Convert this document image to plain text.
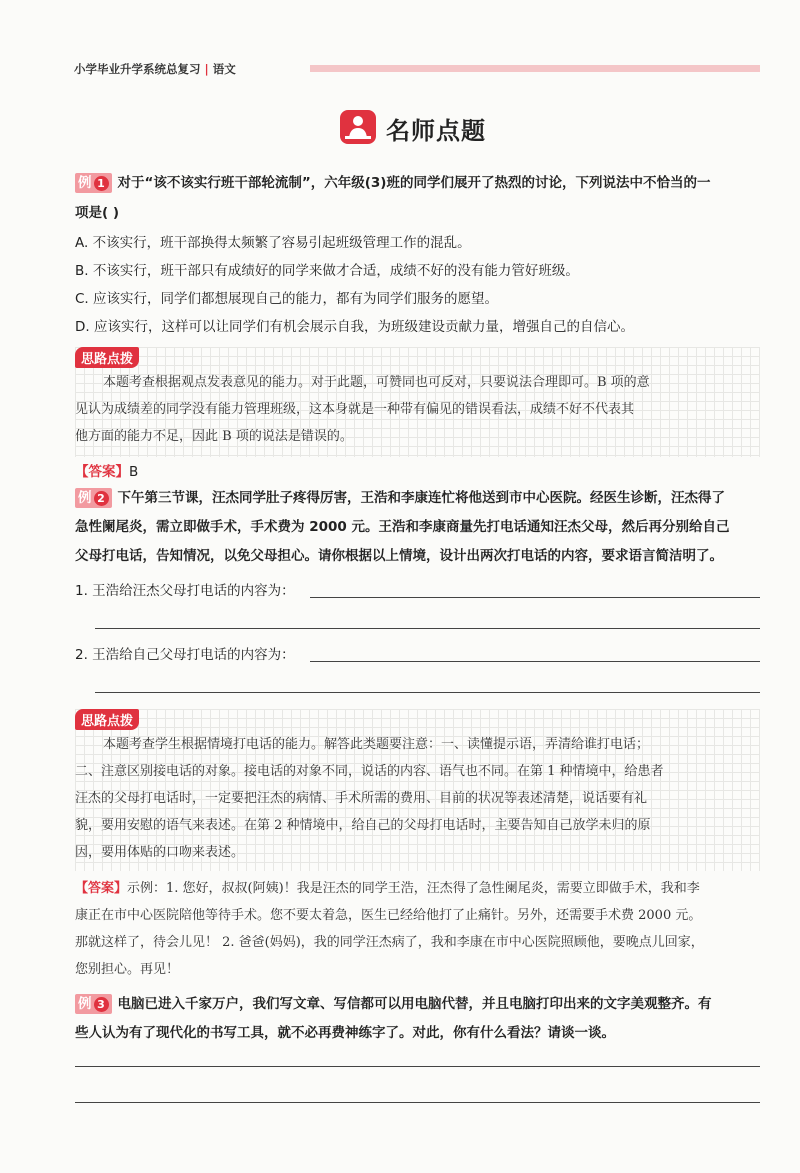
小学毕业升学系统总复习 | 语文
名师点题
例 1 对于“该不该实行班干部轮流制”，六年级(3)班的同学们展开了热烈的讨论，下列说法中不恰当的一
项是( )
A. 不该实行，班干部换得太频繁了容易引起班级管理工作的混乱。
B. 不该实行，班干部只有成绩好的同学来做才合适，成绩不好的没有能力管好班级。
C. 应该实行，同学们都想展现自己的能力，都有为同学们服务的愿望。
D. 应该实行，这样可以让同学们有机会展示自我，为班级建设贡献力量，增强自己的自信心。
思路点拨
本题考查根据观点发表意见的能力。对于此题，可赞同也可反对，只要说法合理即可。B 项的意
见认为成绩差的同学没有能力管理班级，这本身就是一种带有偏见的错误看法，成绩不好不代表其
他方面的能力不足，因此 B 项的说法是错误的。
【答案】B
例 2 下午第三节课，汪杰同学肚子疼得厉害，王浩和李康连忙将他送到市中心医院。经医生诊断，汪杰得了
急性阑尾炎，需立即做手术，手术费为 2000 元。王浩和李康商量先打电话通知汪杰父母，然后再分别给自己
父母打电话，告知情况，以免父母担心。请你根据以上情境，设计出两次打电话的内容，要求语言简洁明了。
1. 王浩给汪杰父母打电话的内容为：
2. 王浩给自己父母打电话的内容为：
思路点拨
本题考查学生根据情境打电话的能力。解答此类题要注意：一、读懂提示语，弄清给谁打电话；
二、注意区别接电话的对象。接电话的对象不同，说话的内容、语气也不同。在第 1 种情境中，给患者
汪杰的父母打电话时，一定要把汪杰的病情、手术所需的费用、目前的状况等表述清楚，说话要有礼
貌，要用安慰的语气来表述。在第 2 种情境中，给自己的父母打电话时，主要告知自己放学未归的原
因，要用体贴的口吻来表述。
【答案】示例：1. 您好，叔叔(阿姨)！我是汪杰的同学王浩，汪杰得了急性阑尾炎，需要立即做手术，我和李
康正在市中心医院陪他等待手术。您不要太着急，医生已经给他打了止痛针。另外，还需要手术费 2000 元。
那就这样了，待会儿见！ 2. 爸爸(妈妈)，我的同学汪杰病了，我和李康在市中心医院照顾他，要晚点儿回家，
您别担心。再见！
例 3 电脑已进入千家万户，我们写文章、写信都可以用电脑代替，并且电脑打印出来的文字美观整齐。有
些人认为有了现代化的书写工具，就不必再费神练字了。对此，你有什么看法？请谈一谈。
